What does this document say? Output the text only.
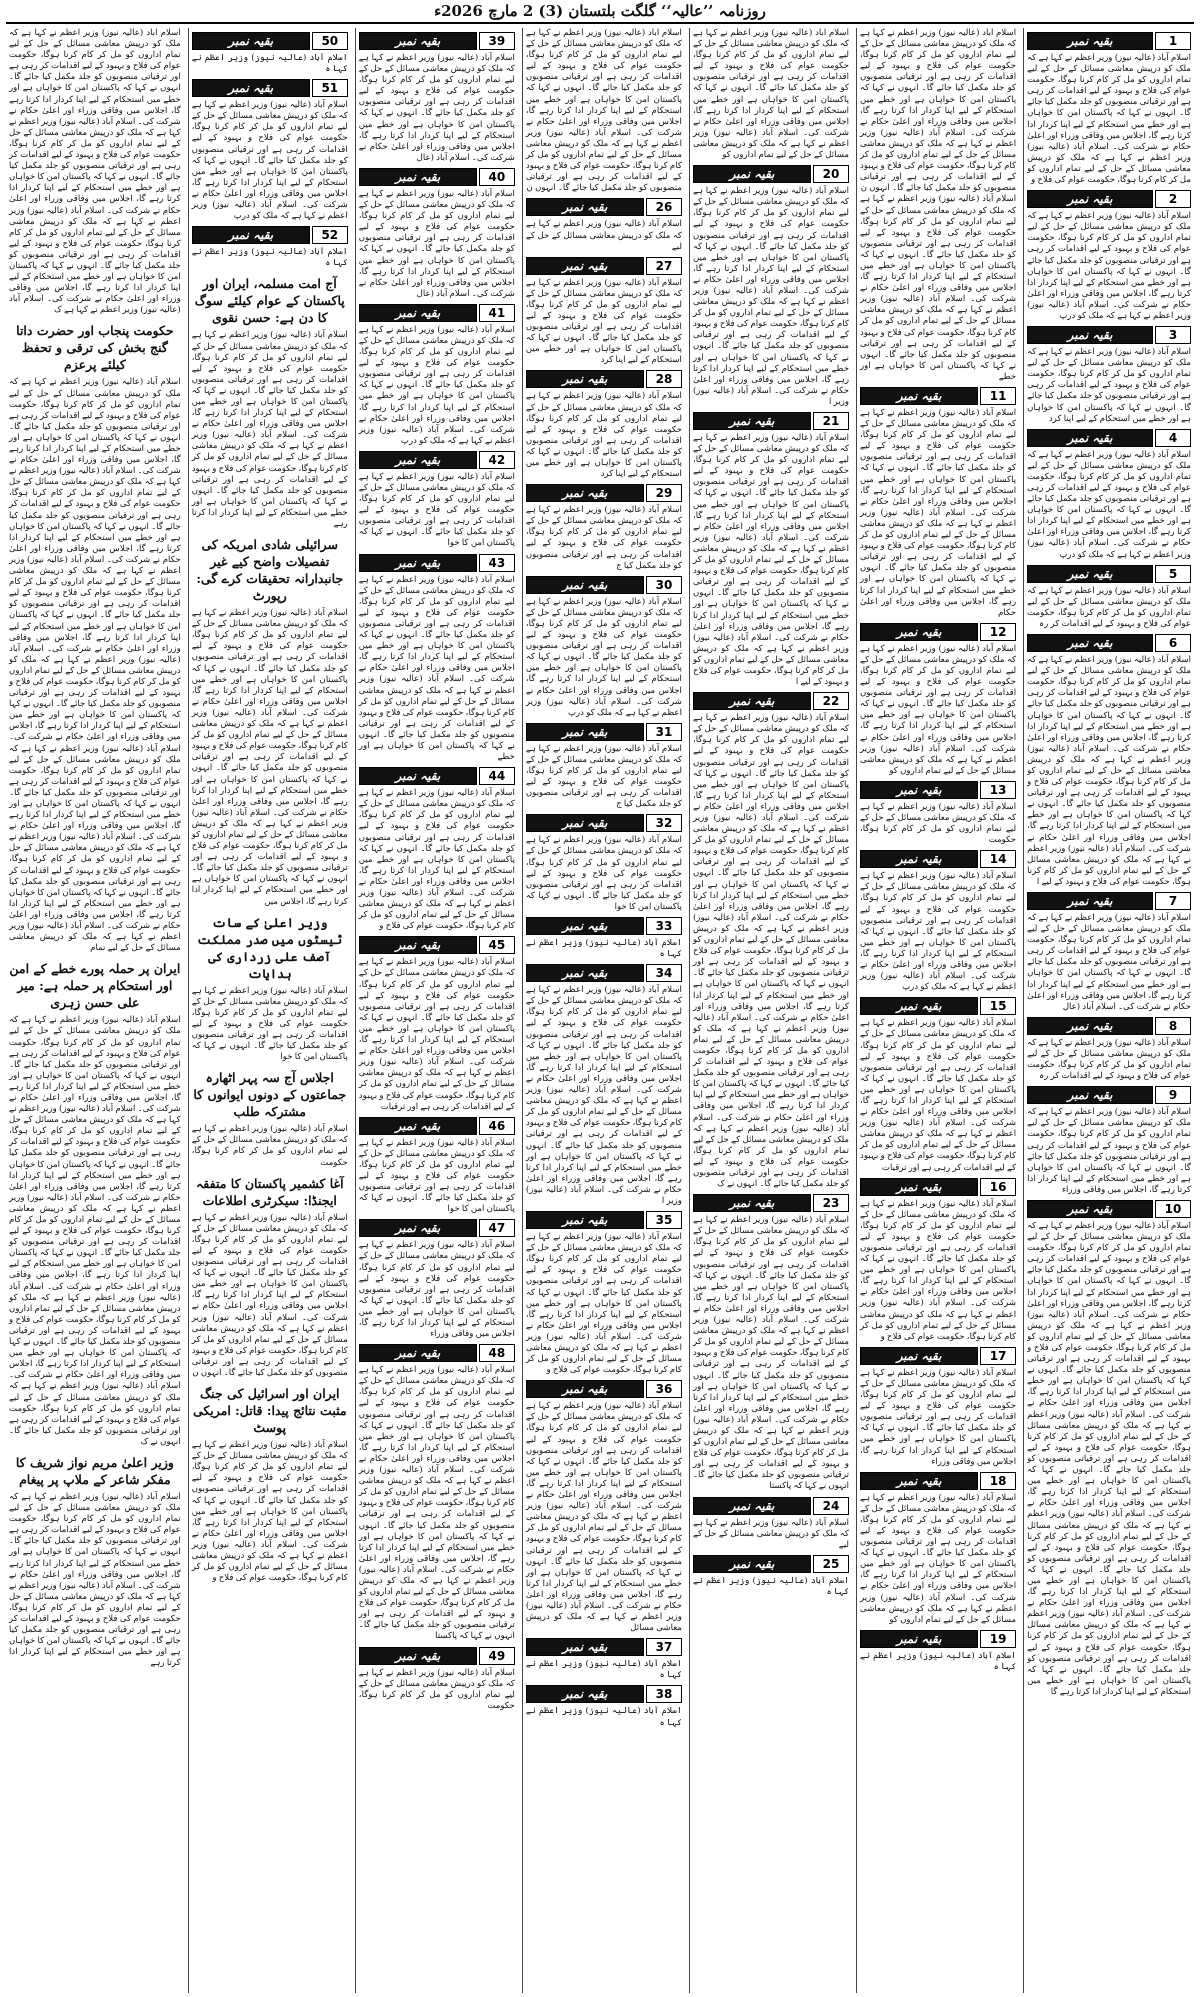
روزنامہ ’’عالیہ‘‘ گلگت بلتستان (3) 2 مارچ 2026ء
بقیہ نمبر	1
اسلام آباد (عالیہ نیوز) وزیر اعظم نے کہا ہے کہ ملک کو درپیش معاشی مسائل کے حل کے لیے تمام اداروں کو مل کر کام کرنا ہوگا، حکومت عوام کی فلاح و بہبود کے لیے اقدامات کر رہی ہے اور ترقیاتی منصوبوں کو جلد مکمل کیا جائے گا۔ انہوں نے کہا کہ پاکستان امن کا خواہاں ہے اور خطے میں استحکام کے لیے اپنا کردار ادا کرتا رہے گا، اجلاس میں وفاقی وزراء اور اعلیٰ حکام نے شرکت کی۔ اسلام آباد (عالیہ نیوز) وزیر اعظم نے کہا ہے کہ ملک کو درپیش معاشی مسائل کے حل کے لیے تمام اداروں کو مل کر کام کرنا ہوگا، حکومت عوام کی فلاح و
بقیہ نمبر	2
اسلام آباد (عالیہ نیوز) وزیر اعظم نے کہا ہے کہ ملک کو درپیش معاشی مسائل کے حل کے لیے تمام اداروں کو مل کر کام کرنا ہوگا، حکومت عوام کی فلاح و بہبود کے لیے اقدامات کر رہی ہے اور ترقیاتی منصوبوں کو جلد مکمل کیا جائے گا۔ انہوں نے کہا کہ پاکستان امن کا خواہاں ہے اور خطے میں استحکام کے لیے اپنا کردار ادا کرتا رہے گا، اجلاس میں وفاقی وزراء اور اعلیٰ حکام نے شرکت کی۔ اسلام آباد (عالیہ نیوز) وزیر اعظم نے کہا ہے کہ ملک کو درپ
بقیہ نمبر	3
اسلام آباد (عالیہ نیوز) وزیر اعظم نے کہا ہے کہ ملک کو درپیش معاشی مسائل کے حل کے لیے تمام اداروں کو مل کر کام کرنا ہوگا، حکومت عوام کی فلاح و بہبود کے لیے اقدامات کر رہی ہے اور ترقیاتی منصوبوں کو جلد مکمل کیا جائے گا۔ انہوں نے کہا کہ پاکستان امن کا خواہاں ہے اور خطے میں استحکام کے لیے اپنا کرد
بقیہ نمبر	4
اسلام آباد (عالیہ نیوز) وزیر اعظم نے کہا ہے کہ ملک کو درپیش معاشی مسائل کے حل کے لیے تمام اداروں کو مل کر کام کرنا ہوگا، حکومت عوام کی فلاح و بہبود کے لیے اقدامات کر رہی ہے اور ترقیاتی منصوبوں کو جلد مکمل کیا جائے گا۔ انہوں نے کہا کہ پاکستان امن کا خواہاں ہے اور خطے میں استحکام کے لیے اپنا کردار ادا کرتا رہے گا، اجلاس میں وفاقی وزراء اور اعلیٰ حکام نے شرکت کی۔ اسلام آباد (عالیہ نیوز) وزیر اعظم نے کہا ہے کہ ملک کو درپ
بقیہ نمبر	5
اسلام آباد (عالیہ نیوز) وزیر اعظم نے کہا ہے کہ ملک کو درپیش معاشی مسائل کے حل کے لیے تمام اداروں کو مل کر کام کرنا ہوگا، حکومت عوام کی فلاح و بہبود کے لیے اقدامات کر رہ
بقیہ نمبر	6
اسلام آباد (عالیہ نیوز) وزیر اعظم نے کہا ہے کہ ملک کو درپیش معاشی مسائل کے حل کے لیے تمام اداروں کو مل کر کام کرنا ہوگا، حکومت عوام کی فلاح و بہبود کے لیے اقدامات کر رہی ہے اور ترقیاتی منصوبوں کو جلد مکمل کیا جائے گا۔ انہوں نے کہا کہ پاکستان امن کا خواہاں ہے اور خطے میں استحکام کے لیے اپنا کردار ادا کرتا رہے گا، اجلاس میں وفاقی وزراء اور اعلیٰ حکام نے شرکت کی۔ اسلام آباد (عالیہ نیوز) وزیر اعظم نے کہا ہے کہ ملک کو درپیش معاشی مسائل کے حل کے لیے تمام اداروں کو مل کر کام کرنا ہوگا، حکومت عوام کی فلاح و بہبود کے لیے اقدامات کر رہی ہے اور ترقیاتی منصوبوں کو جلد مکمل کیا جائے گا۔ انہوں نے کہا کہ پاکستان امن کا خواہاں ہے اور خطے میں استحکام کے لیے اپنا کردار ادا کرتا رہے گا، اجلاس میں وفاقی وزراء اور اعلیٰ حکام نے شرکت کی۔ اسلام آباد (عالیہ نیوز) وزیر اعظم نے کہا ہے کہ ملک کو درپیش معاشی مسائل کے حل کے لیے تمام اداروں کو مل کر کام کرنا ہوگا، حکومت عوام کی فلاح و بہبود کے لیے ا
بقیہ نمبر	7
اسلام آباد (عالیہ نیوز) وزیر اعظم نے کہا ہے کہ ملک کو درپیش معاشی مسائل کے حل کے لیے تمام اداروں کو مل کر کام کرنا ہوگا، حکومت عوام کی فلاح و بہبود کے لیے اقدامات کر رہی ہے اور ترقیاتی منصوبوں کو جلد مکمل کیا جائے گا۔ انہوں نے کہا کہ پاکستان امن کا خواہاں ہے اور خطے میں استحکام کے لیے اپنا کردار ادا کرتا رہے گا، اجلاس میں وفاقی وزراء اور اعلیٰ حکام نے شرکت کی۔ اسلام آباد (عال
بقیہ نمبر	8
اسلام آباد (عالیہ نیوز) وزیر اعظم نے کہا ہے کہ ملک کو درپیش معاشی مسائل کے حل کے لیے تمام اداروں کو مل کر کام کرنا ہوگا، حکومت عوام کی فلاح و بہبود کے لیے اقدامات کر رہ
بقیہ نمبر	9
اسلام آباد (عالیہ نیوز) وزیر اعظم نے کہا ہے کہ ملک کو درپیش معاشی مسائل کے حل کے لیے تمام اداروں کو مل کر کام کرنا ہوگا، حکومت عوام کی فلاح و بہبود کے لیے اقدامات کر رہی ہے اور ترقیاتی منصوبوں کو جلد مکمل کیا جائے گا۔ انہوں نے کہا کہ پاکستان امن کا خواہاں ہے اور خطے میں استحکام کے لیے اپنا کردار ادا کرتا رہے گا، اجلاس میں وفاقی وزراء
بقیہ نمبر	10
اسلام آباد (عالیہ نیوز) وزیر اعظم نے کہا ہے کہ ملک کو درپیش معاشی مسائل کے حل کے لیے تمام اداروں کو مل کر کام کرنا ہوگا، حکومت عوام کی فلاح و بہبود کے لیے اقدامات کر رہی ہے اور ترقیاتی منصوبوں کو جلد مکمل کیا جائے گا۔ انہوں نے کہا کہ پاکستان امن کا خواہاں ہے اور خطے میں استحکام کے لیے اپنا کردار ادا کرتا رہے گا، اجلاس میں وفاقی وزراء اور اعلیٰ حکام نے شرکت کی۔ اسلام آباد (عالیہ نیوز) وزیر اعظم نے کہا ہے کہ ملک کو درپیش معاشی مسائل کے حل کے لیے تمام اداروں کو مل کر کام کرنا ہوگا، حکومت عوام کی فلاح و بہبود کے لیے اقدامات کر رہی ہے اور ترقیاتی منصوبوں کو جلد مکمل کیا جائے گا۔ انہوں نے کہا کہ پاکستان امن کا خواہاں ہے اور خطے میں استحکام کے لیے اپنا کردار ادا کرتا رہے گا، اجلاس میں وفاقی وزراء اور اعلیٰ حکام نے شرکت کی۔ اسلام آباد (عالیہ نیوز) وزیر اعظم نے کہا ہے کہ ملک کو درپیش معاشی مسائل کے حل کے لیے تمام اداروں کو مل کر کام کرنا ہوگا، حکومت عوام کی فلاح و بہبود کے لیے اقدامات کر رہی ہے اور ترقیاتی منصوبوں کو جلد مکمل کیا جائے گا۔ انہوں نے کہا کہ پاکستان امن کا خواہاں ہے اور خطے میں استحکام کے لیے اپنا کردار ادا کرتا رہے گا، اجلاس میں وفاقی وزراء اور اعلیٰ حکام نے شرکت کی۔ اسلام آباد (عالیہ نیوز) وزیر اعظم نے کہا ہے کہ ملک کو درپیش معاشی مسائل کے حل کے لیے تمام اداروں کو مل کر کام کرنا ہوگا، حکومت عوام کی فلاح و بہبود کے لیے اقدامات کر رہی ہے اور ترقیاتی منصوبوں کو جلد مکمل کیا جائے گا۔ انہوں نے کہا کہ پاکستان امن کا خواہاں ہے اور خطے میں استحکام کے لیے اپنا کردار ادا کرتا رہے گا، اجلاس میں وفاقی وزراء اور اعلیٰ حکام نے شرکت کی۔ اسلام آباد (عالیہ نیوز) وزیر اعظم نے کہا ہے کہ ملک کو درپیش معاشی مسائل کے حل کے لیے تمام اداروں کو مل کر کام کرنا ہوگا، حکومت عوام کی فلاح و بہبود کے لیے اقدامات کر رہی ہے اور ترقیاتی منصوبوں کو جلد مکمل کیا جائے گا۔ انہوں نے کہا کہ پاکستان امن کا خواہاں ہے اور خطے میں استحکام کے لیے اپنا کردار ادا کرتا رہے گا
اسلام آباد (عالیہ نیوز) وزیر اعظم نے کہا ہے کہ ملک کو درپیش معاشی مسائل کے حل کے لیے تمام اداروں کو مل کر کام کرنا ہوگا، حکومت عوام کی فلاح و بہبود کے لیے اقدامات کر رہی ہے اور ترقیاتی منصوبوں کو جلد مکمل کیا جائے گا۔ انہوں نے کہا کہ پاکستان امن کا خواہاں ہے اور خطے میں استحکام کے لیے اپنا کردار ادا کرتا رہے گا، اجلاس میں وفاقی وزراء اور اعلیٰ حکام نے شرکت کی۔ اسلام آباد (عالیہ نیوز) وزیر اعظم نے کہا ہے کہ ملک کو درپیش معاشی مسائل کے حل کے لیے تمام اداروں کو مل کر کام کرنا ہوگا، حکومت عوام کی فلاح و بہبود کے لیے اقدامات کر رہی ہے اور ترقیاتی منصوبوں کو جلد مکمل کیا جائے گا۔ انہوں ن
اسلام آباد (عالیہ نیوز) وزیر اعظم نے کہا ہے کہ ملک کو درپیش معاشی مسائل کے حل کے لیے تمام اداروں کو مل کر کام کرنا ہوگا، حکومت عوام کی فلاح و بہبود کے لیے اقدامات کر رہی ہے اور ترقیاتی منصوبوں کو جلد مکمل کیا جائے گا۔ انہوں نے کہا کہ پاکستان امن کا خواہاں ہے اور خطے میں استحکام کے لیے اپنا کردار ادا کرتا رہے گا، اجلاس میں وفاقی وزراء اور اعلیٰ حکام نے شرکت کی۔ اسلام آباد (عالیہ نیوز) وزیر اعظم نے کہا ہے کہ ملک کو درپیش معاشی مسائل کے حل کے لیے تمام اداروں کو مل کر کام کرنا ہوگا، حکومت عوام کی فلاح و بہبود کے لیے اقدامات کر رہی ہے اور ترقیاتی منصوبوں کو جلد مکمل کیا جائے گا۔ انہوں نے کہا کہ پاکستان امن کا خواہاں ہے اور خطے
بقیہ نمبر	11
اسلام آباد (عالیہ نیوز) وزیر اعظم نے کہا ہے کہ ملک کو درپیش معاشی مسائل کے حل کے لیے تمام اداروں کو مل کر کام کرنا ہوگا، حکومت عوام کی فلاح و بہبود کے لیے اقدامات کر رہی ہے اور ترقیاتی منصوبوں کو جلد مکمل کیا جائے گا۔ انہوں نے کہا کہ پاکستان امن کا خواہاں ہے اور خطے میں استحکام کے لیے اپنا کردار ادا کرتا رہے گا، اجلاس میں وفاقی وزراء اور اعلیٰ حکام نے شرکت کی۔ اسلام آباد (عالیہ نیوز) وزیر اعظم نے کہا ہے کہ ملک کو درپیش معاشی مسائل کے حل کے لیے تمام اداروں کو مل کر کام کرنا ہوگا، حکومت عوام کی فلاح و بہبود کے لیے اقدامات کر رہی ہے اور ترقیاتی منصوبوں کو جلد مکمل کیا جائے گا۔ انہوں نے کہا کہ پاکستان امن کا خواہاں ہے اور خطے میں استحکام کے لیے اپنا کردار ادا کرتا رہے گا، اجلاس میں وفاقی وزراء اور اعلیٰ حکام
بقیہ نمبر	12
اسلام آباد (عالیہ نیوز) وزیر اعظم نے کہا ہے کہ ملک کو درپیش معاشی مسائل کے حل کے لیے تمام اداروں کو مل کر کام کرنا ہوگا، حکومت عوام کی فلاح و بہبود کے لیے اقدامات کر رہی ہے اور ترقیاتی منصوبوں کو جلد مکمل کیا جائے گا۔ انہوں نے کہا کہ پاکستان امن کا خواہاں ہے اور خطے میں استحکام کے لیے اپنا کردار ادا کرتا رہے گا، اجلاس میں وفاقی وزراء اور اعلیٰ حکام نے شرکت کی۔ اسلام آباد (عالیہ نیوز) وزیر اعظم نے کہا ہے کہ ملک کو درپیش معاشی مسائل کے حل کے لیے تمام اداروں کو
بقیہ نمبر	13
اسلام آباد (عالیہ نیوز) وزیر اعظم نے کہا ہے کہ ملک کو درپیش معاشی مسائل کے حل کے لیے تمام اداروں کو مل کر کام کرنا ہوگا، حکومت
بقیہ نمبر	14
اسلام آباد (عالیہ نیوز) وزیر اعظم نے کہا ہے کہ ملک کو درپیش معاشی مسائل کے حل کے لیے تمام اداروں کو مل کر کام کرنا ہوگا، حکومت عوام کی فلاح و بہبود کے لیے اقدامات کر رہی ہے اور ترقیاتی منصوبوں کو جلد مکمل کیا جائے گا۔ انہوں نے کہا کہ پاکستان امن کا خواہاں ہے اور خطے میں استحکام کے لیے اپنا کردار ادا کرتا رہے گا، اجلاس میں وفاقی وزراء اور اعلیٰ حکام نے شرکت کی۔ اسلام آباد (عالیہ نیوز) وزیر اعظم نے کہا ہے کہ ملک کو درپ
بقیہ نمبر	15
اسلام آباد (عالیہ نیوز) وزیر اعظم نے کہا ہے کہ ملک کو درپیش معاشی مسائل کے حل کے لیے تمام اداروں کو مل کر کام کرنا ہوگا، حکومت عوام کی فلاح و بہبود کے لیے اقدامات کر رہی ہے اور ترقیاتی منصوبوں کو جلد مکمل کیا جائے گا۔ انہوں نے کہا کہ پاکستان امن کا خواہاں ہے اور خطے میں استحکام کے لیے اپنا کردار ادا کرتا رہے گا، اجلاس میں وفاقی وزراء اور اعلیٰ حکام نے شرکت کی۔ اسلام آباد (عالیہ نیوز) وزیر اعظم نے کہا ہے کہ ملک کو درپیش معاشی مسائل کے حل کے لیے تمام اداروں کو مل کر کام کرنا ہوگا، حکومت عوام کی فلاح و بہبود کے لیے اقدامات کر رہی ہے اور ترقیات
بقیہ نمبر	16
اسلام آباد (عالیہ نیوز) وزیر اعظم نے کہا ہے کہ ملک کو درپیش معاشی مسائل کے حل کے لیے تمام اداروں کو مل کر کام کرنا ہوگا، حکومت عوام کی فلاح و بہبود کے لیے اقدامات کر رہی ہے اور ترقیاتی منصوبوں کو جلد مکمل کیا جائے گا۔ انہوں نے کہا کہ پاکستان امن کا خواہاں ہے اور خطے میں استحکام کے لیے اپنا کردار ادا کرتا رہے گا، اجلاس میں وفاقی وزراء اور اعلیٰ حکام نے شرکت کی۔ اسلام آباد (عالیہ نیوز) وزیر اعظم نے کہا ہے کہ ملک کو درپیش معاشی مسائل کے حل کے لیے تمام اداروں کو مل کر کام کرنا ہوگا، حکومت عوام کی فلاح و
بقیہ نمبر	17
اسلام آباد (عالیہ نیوز) وزیر اعظم نے کہا ہے کہ ملک کو درپیش معاشی مسائل کے حل کے لیے تمام اداروں کو مل کر کام کرنا ہوگا، حکومت عوام کی فلاح و بہبود کے لیے اقدامات کر رہی ہے اور ترقیاتی منصوبوں کو جلد مکمل کیا جائے گا۔ انہوں نے کہا کہ پاکستان امن کا خواہاں ہے اور خطے میں استحکام کے لیے اپنا کردار ادا کرتا رہے گا، اجلاس میں وفاقی وزراء
بقیہ نمبر	18
اسلام آباد (عالیہ نیوز) وزیر اعظم نے کہا ہے کہ ملک کو درپیش معاشی مسائل کے حل کے لیے تمام اداروں کو مل کر کام کرنا ہوگا، حکومت عوام کی فلاح و بہبود کے لیے اقدامات کر رہی ہے اور ترقیاتی منصوبوں کو جلد مکمل کیا جائے گا۔ انہوں نے کہا کہ پاکستان امن کا خواہاں ہے اور خطے میں استحکام کے لیے اپنا کردار ادا کرتا رہے گا، اجلاس میں وفاقی وزراء اور اعلیٰ حکام نے شرکت کی۔ اسلام آباد (عالیہ نیوز) وزیر اعظم نے کہا ہے کہ ملک کو درپیش معاشی مسائل کے حل کے لیے تمام اداروں کو
بقیہ نمبر	19
اسلام آباد (عالیہ نیوز) وزیر اعظم نے کہا ہ
اسلام آباد (عالیہ نیوز) وزیر اعظم نے کہا ہے کہ ملک کو درپیش معاشی مسائل کے حل کے لیے تمام اداروں کو مل کر کام کرنا ہوگا، حکومت عوام کی فلاح و بہبود کے لیے اقدامات کر رہی ہے اور ترقیاتی منصوبوں کو جلد مکمل کیا جائے گا۔ انہوں نے کہا کہ پاکستان امن کا خواہاں ہے اور خطے میں استحکام کے لیے اپنا کردار ادا کرتا رہے گا، اجلاس میں وفاقی وزراء اور اعلیٰ حکام نے شرکت کی۔ اسلام آباد (عالیہ نیوز) وزیر اعظم نے کہا ہے کہ ملک کو درپیش معاشی مسائل کے حل کے لیے تمام اداروں کو
بقیہ نمبر	20
اسلام آباد (عالیہ نیوز) وزیر اعظم نے کہا ہے کہ ملک کو درپیش معاشی مسائل کے حل کے لیے تمام اداروں کو مل کر کام کرنا ہوگا، حکومت عوام کی فلاح و بہبود کے لیے اقدامات کر رہی ہے اور ترقیاتی منصوبوں کو جلد مکمل کیا جائے گا۔ انہوں نے کہا کہ پاکستان امن کا خواہاں ہے اور خطے میں استحکام کے لیے اپنا کردار ادا کرتا رہے گا، اجلاس میں وفاقی وزراء اور اعلیٰ حکام نے شرکت کی۔ اسلام آباد (عالیہ نیوز) وزیر اعظم نے کہا ہے کہ ملک کو درپیش معاشی مسائل کے حل کے لیے تمام اداروں کو مل کر کام کرنا ہوگا، حکومت عوام کی فلاح و بہبود کے لیے اقدامات کر رہی ہے اور ترقیاتی منصوبوں کو جلد مکمل کیا جائے گا۔ انہوں نے کہا کہ پاکستان امن کا خواہاں ہے اور خطے میں استحکام کے لیے اپنا کردار ادا کرتا رہے گا، اجلاس میں وفاقی وزراء اور اعلیٰ حکام نے شرکت کی۔ اسلام آباد (عالیہ نیوز) وزیر ا
بقیہ نمبر	21
اسلام آباد (عالیہ نیوز) وزیر اعظم نے کہا ہے کہ ملک کو درپیش معاشی مسائل کے حل کے لیے تمام اداروں کو مل کر کام کرنا ہوگا، حکومت عوام کی فلاح و بہبود کے لیے اقدامات کر رہی ہے اور ترقیاتی منصوبوں کو جلد مکمل کیا جائے گا۔ انہوں نے کہا کہ پاکستان امن کا خواہاں ہے اور خطے میں استحکام کے لیے اپنا کردار ادا کرتا رہے گا، اجلاس میں وفاقی وزراء اور اعلیٰ حکام نے شرکت کی۔ اسلام آباد (عالیہ نیوز) وزیر اعظم نے کہا ہے کہ ملک کو درپیش معاشی مسائل کے حل کے لیے تمام اداروں کو مل کر کام کرنا ہوگا، حکومت عوام کی فلاح و بہبود کے لیے اقدامات کر رہی ہے اور ترقیاتی منصوبوں کو جلد مکمل کیا جائے گا۔ انہوں نے کہا کہ پاکستان امن کا خواہاں ہے اور خطے میں استحکام کے لیے اپنا کردار ادا کرتا رہے گا، اجلاس میں وفاقی وزراء اور اعلیٰ حکام نے شرکت کی۔ اسلام آباد (عالیہ نیوز) وزیر اعظم نے کہا ہے کہ ملک کو درپیش معاشی مسائل کے حل کے لیے تمام اداروں کو مل کر کام کرنا ہوگا، حکومت عوام کی فلاح و بہبود کے لیے ا
بقیہ نمبر	22
اسلام آباد (عالیہ نیوز) وزیر اعظم نے کہا ہے کہ ملک کو درپیش معاشی مسائل کے حل کے لیے تمام اداروں کو مل کر کام کرنا ہوگا، حکومت عوام کی فلاح و بہبود کے لیے اقدامات کر رہی ہے اور ترقیاتی منصوبوں کو جلد مکمل کیا جائے گا۔ انہوں نے کہا کہ پاکستان امن کا خواہاں ہے اور خطے میں استحکام کے لیے اپنا کردار ادا کرتا رہے گا، اجلاس میں وفاقی وزراء اور اعلیٰ حکام نے شرکت کی۔ اسلام آباد (عالیہ نیوز) وزیر اعظم نے کہا ہے کہ ملک کو درپیش معاشی مسائل کے حل کے لیے تمام اداروں کو مل کر کام کرنا ہوگا، حکومت عوام کی فلاح و بہبود کے لیے اقدامات کر رہی ہے اور ترقیاتی منصوبوں کو جلد مکمل کیا جائے گا۔ انہوں نے کہا کہ پاکستان امن کا خواہاں ہے اور خطے میں استحکام کے لیے اپنا کردار ادا کرتا رہے گا، اجلاس میں وفاقی وزراء اور اعلیٰ حکام نے شرکت کی۔ اسلام آباد (عالیہ نیوز) وزیر اعظم نے کہا ہے کہ ملک کو درپیش معاشی مسائل کے حل کے لیے تمام اداروں کو مل کر کام کرنا ہوگا، حکومت عوام کی فلاح و بہبود کے لیے اقدامات کر رہی ہے اور ترقیاتی منصوبوں کو جلد مکمل کیا جائے گا۔ انہوں نے کہا کہ پاکستان امن کا خواہاں ہے اور خطے میں استحکام کے لیے اپنا کردار ادا کرتا رہے گا، اجلاس میں وفاقی وزراء اور اعلیٰ حکام نے شرکت کی۔ اسلام آباد (عالیہ نیوز) وزیر اعظم نے کہا ہے کہ ملک کو درپیش معاشی مسائل کے حل کے لیے تمام اداروں کو مل کر کام کرنا ہوگا، حکومت عوام کی فلاح و بہبود کے لیے اقدامات کر رہی ہے اور ترقیاتی منصوبوں کو جلد مکمل کیا جائے گا۔ انہوں نے کہا کہ پاکستان امن کا خواہاں ہے اور خطے میں استحکام کے لیے اپنا کردار ادا کرتا رہے گا، اجلاس میں وفاقی وزراء اور اعلیٰ حکام نے شرکت کی۔ اسلام آباد (عالیہ نیوز) وزیر اعظم نے کہا ہے کہ ملک کو درپیش معاشی مسائل کے حل کے لیے تمام اداروں کو مل کر کام کرنا ہوگا، حکومت عوام کی فلاح و بہبود کے لیے اقدامات کر رہی ہے اور ترقیاتی منصوبوں کو جلد مکمل کیا جائے گا۔ انہوں نے ک
بقیہ نمبر	23
اسلام آباد (عالیہ نیوز) وزیر اعظم نے کہا ہے کہ ملک کو درپیش معاشی مسائل کے حل کے لیے تمام اداروں کو مل کر کام کرنا ہوگا، حکومت عوام کی فلاح و بہبود کے لیے اقدامات کر رہی ہے اور ترقیاتی منصوبوں کو جلد مکمل کیا جائے گا۔ انہوں نے کہا کہ پاکستان امن کا خواہاں ہے اور خطے میں استحکام کے لیے اپنا کردار ادا کرتا رہے گا، اجلاس میں وفاقی وزراء اور اعلیٰ حکام نے شرکت کی۔ اسلام آباد (عالیہ نیوز) وزیر اعظم نے کہا ہے کہ ملک کو درپیش معاشی مسائل کے حل کے لیے تمام اداروں کو مل کر کام کرنا ہوگا، حکومت عوام کی فلاح و بہبود کے لیے اقدامات کر رہی ہے اور ترقیاتی منصوبوں کو جلد مکمل کیا جائے گا۔ انہوں نے کہا کہ پاکستان امن کا خواہاں ہے اور خطے میں استحکام کے لیے اپنا کردار ادا کرتا رہے گا، اجلاس میں وفاقی وزراء اور اعلیٰ حکام نے شرکت کی۔ اسلام آباد (عالیہ نیوز) وزیر اعظم نے کہا ہے کہ ملک کو درپیش معاشی مسائل کے حل کے لیے تمام اداروں کو مل کر کام کرنا ہوگا، حکومت عوام کی فلاح و بہبود کے لیے اقدامات کر رہی ہے اور ترقیاتی منصوبوں کو جلد مکمل کیا جائے گا۔ انہوں نے کہا کہ پاکستا
بقیہ نمبر	24
اسلام آباد (عالیہ نیوز) وزیر اعظم نے کہا ہے کہ ملک کو درپیش معاشی مسائل کے حل کے لیے
بقیہ نمبر	25
اسلام آباد (عالیہ نیوز) وزیر اعظم نے کہا ہ
اسلام آباد (عالیہ نیوز) وزیر اعظم نے کہا ہے کہ ملک کو درپیش معاشی مسائل کے حل کے لیے تمام اداروں کو مل کر کام کرنا ہوگا، حکومت عوام کی فلاح و بہبود کے لیے اقدامات کر رہی ہے اور ترقیاتی منصوبوں کو جلد مکمل کیا جائے گا۔ انہوں نے کہا کہ پاکستان امن کا خواہاں ہے اور خطے میں استحکام کے لیے اپنا کردار ادا کرتا رہے گا، اجلاس میں وفاقی وزراء اور اعلیٰ حکام نے شرکت کی۔ اسلام آباد (عالیہ نیوز) وزیر اعظم نے کہا ہے کہ ملک کو درپیش معاشی مسائل کے حل کے لیے تمام اداروں کو مل کر کام کرنا ہوگا، حکومت عوام کی فلاح و بہبود کے لیے اقدامات کر رہی ہے اور ترقیاتی منصوبوں کو جلد مکمل کیا جائے گا۔ انہوں ن
بقیہ نمبر	26
اسلام آباد (عالیہ نیوز) وزیر اعظم نے کہا ہے کہ ملک کو درپیش معاشی مسائل کے حل کے لیے
بقیہ نمبر	27
اسلام آباد (عالیہ نیوز) وزیر اعظم نے کہا ہے کہ ملک کو درپیش معاشی مسائل کے حل کے لیے تمام اداروں کو مل کر کام کرنا ہوگا، حکومت عوام کی فلاح و بہبود کے لیے اقدامات کر رہی ہے اور ترقیاتی منصوبوں کو جلد مکمل کیا جائے گا۔ انہوں نے کہا کہ پاکستان امن کا خواہاں ہے اور خطے میں استحکام کے لیے اپنا کرد
بقیہ نمبر	28
اسلام آباد (عالیہ نیوز) وزیر اعظم نے کہا ہے کہ ملک کو درپیش معاشی مسائل کے حل کے لیے تمام اداروں کو مل کر کام کرنا ہوگا، حکومت عوام کی فلاح و بہبود کے لیے اقدامات کر رہی ہے اور ترقیاتی منصوبوں کو جلد مکمل کیا جائے گا۔ انہوں نے کہا کہ پاکستان امن کا خواہاں ہے اور خطے میں استحکام کے لیے اپنا کرد
بقیہ نمبر	29
اسلام آباد (عالیہ نیوز) وزیر اعظم نے کہا ہے کہ ملک کو درپیش معاشی مسائل کے حل کے لیے تمام اداروں کو مل کر کام کرنا ہوگا، حکومت عوام کی فلاح و بہبود کے لیے اقدامات کر رہی ہے اور ترقیاتی منصوبوں کو جلد مکمل کیا ج
بقیہ نمبر	30
اسلام آباد (عالیہ نیوز) وزیر اعظم نے کہا ہے کہ ملک کو درپیش معاشی مسائل کے حل کے لیے تمام اداروں کو مل کر کام کرنا ہوگا، حکومت عوام کی فلاح و بہبود کے لیے اقدامات کر رہی ہے اور ترقیاتی منصوبوں کو جلد مکمل کیا جائے گا۔ انہوں نے کہا کہ پاکستان امن کا خواہاں ہے اور خطے میں استحکام کے لیے اپنا کردار ادا کرتا رہے گا، اجلاس میں وفاقی وزراء اور اعلیٰ حکام نے شرکت کی۔ اسلام آباد (عالیہ نیوز) وزیر اعظم نے کہا ہے کہ ملک کو درپ
بقیہ نمبر	31
اسلام آباد (عالیہ نیوز) وزیر اعظم نے کہا ہے کہ ملک کو درپیش معاشی مسائل کے حل کے لیے تمام اداروں کو مل کر کام کرنا ہوگا، حکومت عوام کی فلاح و بہبود کے لیے اقدامات کر رہی ہے اور ترقیاتی منصوبوں کو جلد مکمل کیا ج
بقیہ نمبر	32
اسلام آباد (عالیہ نیوز) وزیر اعظم نے کہا ہے کہ ملک کو درپیش معاشی مسائل کے حل کے لیے تمام اداروں کو مل کر کام کرنا ہوگا، حکومت عوام کی فلاح و بہبود کے لیے اقدامات کر رہی ہے اور ترقیاتی منصوبوں کو جلد مکمل کیا جائے گا۔ انہوں نے کہا کہ پاکستان امن کا خوا
بقیہ نمبر	33
اسلام آباد (عالیہ نیوز) وزیر اعظم نے کہا ہ
بقیہ نمبر	34
اسلام آباد (عالیہ نیوز) وزیر اعظم نے کہا ہے کہ ملک کو درپیش معاشی مسائل کے حل کے لیے تمام اداروں کو مل کر کام کرنا ہوگا، حکومت عوام کی فلاح و بہبود کے لیے اقدامات کر رہی ہے اور ترقیاتی منصوبوں کو جلد مکمل کیا جائے گا۔ انہوں نے کہا کہ پاکستان امن کا خواہاں ہے اور خطے میں استحکام کے لیے اپنا کردار ادا کرتا رہے گا، اجلاس میں وفاقی وزراء اور اعلیٰ حکام نے شرکت کی۔ اسلام آباد (عالیہ نیوز) وزیر اعظم نے کہا ہے کہ ملک کو درپیش معاشی مسائل کے حل کے لیے تمام اداروں کو مل کر کام کرنا ہوگا، حکومت عوام کی فلاح و بہبود کے لیے اقدامات کر رہی ہے اور ترقیاتی منصوبوں کو جلد مکمل کیا جائے گا۔ انہوں نے کہا کہ پاکستان امن کا خواہاں ہے اور خطے میں استحکام کے لیے اپنا کردار ادا کرتا رہے گا، اجلاس میں وفاقی وزراء اور اعلیٰ حکام نے شرکت کی۔ اسلام آباد (عالیہ نیوز) وزیر ا
بقیہ نمبر	35
اسلام آباد (عالیہ نیوز) وزیر اعظم نے کہا ہے کہ ملک کو درپیش معاشی مسائل کے حل کے لیے تمام اداروں کو مل کر کام کرنا ہوگا، حکومت عوام کی فلاح و بہبود کے لیے اقدامات کر رہی ہے اور ترقیاتی منصوبوں کو جلد مکمل کیا جائے گا۔ انہوں نے کہا کہ پاکستان امن کا خواہاں ہے اور خطے میں استحکام کے لیے اپنا کردار ادا کرتا رہے گا، اجلاس میں وفاقی وزراء اور اعلیٰ حکام نے شرکت کی۔ اسلام آباد (عالیہ نیوز) وزیر اعظم نے کہا ہے کہ ملک کو درپیش معاشی مسائل کے حل کے لیے تمام اداروں کو مل کر کام کرنا ہوگا، حکومت عوام کی فلاح و
بقیہ نمبر	36
اسلام آباد (عالیہ نیوز) وزیر اعظم نے کہا ہے کہ ملک کو درپیش معاشی مسائل کے حل کے لیے تمام اداروں کو مل کر کام کرنا ہوگا، حکومت عوام کی فلاح و بہبود کے لیے اقدامات کر رہی ہے اور ترقیاتی منصوبوں کو جلد مکمل کیا جائے گا۔ انہوں نے کہا کہ پاکستان امن کا خواہاں ہے اور خطے میں استحکام کے لیے اپنا کردار ادا کرتا رہے گا، اجلاس میں وفاقی وزراء اور اعلیٰ حکام نے شرکت کی۔ اسلام آباد (عالیہ نیوز) وزیر اعظم نے کہا ہے کہ ملک کو درپیش معاشی مسائل کے حل کے لیے تمام اداروں کو مل کر کام کرنا ہوگا، حکومت عوام کی فلاح و بہبود کے لیے اقدامات کر رہی ہے اور ترقیاتی منصوبوں کو جلد مکمل کیا جائے گا۔ انہوں نے کہا کہ پاکستان امن کا خواہاں ہے اور خطے میں استحکام کے لیے اپنا کردار ادا کرتا رہے گا، اجلاس میں وفاقی وزراء اور اعلیٰ حکام نے شرکت کی۔ اسلام آباد (عالیہ نیوز) وزیر اعظم نے کہا ہے کہ ملک کو درپیش معاشی مسائل
بقیہ نمبر	37
اسلام آباد (عالیہ نیوز) وزیر اعظم نے کہا ہ
بقیہ نمبر	38
اسلام آباد (عالیہ نیوز) وزیر اعظم نے کہا ہ
بقیہ نمبر	39
اسلام آباد (عالیہ نیوز) وزیر اعظم نے کہا ہے کہ ملک کو درپیش معاشی مسائل کے حل کے لیے تمام اداروں کو مل کر کام کرنا ہوگا، حکومت عوام کی فلاح و بہبود کے لیے اقدامات کر رہی ہے اور ترقیاتی منصوبوں کو جلد مکمل کیا جائے گا۔ انہوں نے کہا کہ پاکستان امن کا خواہاں ہے اور خطے میں استحکام کے لیے اپنا کردار ادا کرتا رہے گا، اجلاس میں وفاقی وزراء اور اعلیٰ حکام نے شرکت کی۔ اسلام آباد (عال
بقیہ نمبر	40
اسلام آباد (عالیہ نیوز) وزیر اعظم نے کہا ہے کہ ملک کو درپیش معاشی مسائل کے حل کے لیے تمام اداروں کو مل کر کام کرنا ہوگا، حکومت عوام کی فلاح و بہبود کے لیے اقدامات کر رہی ہے اور ترقیاتی منصوبوں کو جلد مکمل کیا جائے گا۔ انہوں نے کہا کہ پاکستان امن کا خواہاں ہے اور خطے میں استحکام کے لیے اپنا کردار ادا کرتا رہے گا، اجلاس میں وفاقی وزراء اور اعلیٰ حکام نے شرکت کی۔ اسلام آباد (عال
بقیہ نمبر	41
اسلام آباد (عالیہ نیوز) وزیر اعظم نے کہا ہے کہ ملک کو درپیش معاشی مسائل کے حل کے لیے تمام اداروں کو مل کر کام کرنا ہوگا، حکومت عوام کی فلاح و بہبود کے لیے اقدامات کر رہی ہے اور ترقیاتی منصوبوں کو جلد مکمل کیا جائے گا۔ انہوں نے کہا کہ پاکستان امن کا خواہاں ہے اور خطے میں استحکام کے لیے اپنا کردار ادا کرتا رہے گا، اجلاس میں وفاقی وزراء اور اعلیٰ حکام نے شرکت کی۔ اسلام آباد (عالیہ نیوز) وزیر اعظم نے کہا ہے کہ ملک کو درپ
بقیہ نمبر	42
اسلام آباد (عالیہ نیوز) وزیر اعظم نے کہا ہے کہ ملک کو درپیش معاشی مسائل کے حل کے لیے تمام اداروں کو مل کر کام کرنا ہوگا، حکومت عوام کی فلاح و بہبود کے لیے اقدامات کر رہی ہے اور ترقیاتی منصوبوں کو جلد مکمل کیا جائے گا۔ انہوں نے کہا کہ پاکستان امن کا خوا
بقیہ نمبر	43
اسلام آباد (عالیہ نیوز) وزیر اعظم نے کہا ہے کہ ملک کو درپیش معاشی مسائل کے حل کے لیے تمام اداروں کو مل کر کام کرنا ہوگا، حکومت عوام کی فلاح و بہبود کے لیے اقدامات کر رہی ہے اور ترقیاتی منصوبوں کو جلد مکمل کیا جائے گا۔ انہوں نے کہا کہ پاکستان امن کا خواہاں ہے اور خطے میں استحکام کے لیے اپنا کردار ادا کرتا رہے گا، اجلاس میں وفاقی وزراء اور اعلیٰ حکام نے شرکت کی۔ اسلام آباد (عالیہ نیوز) وزیر اعظم نے کہا ہے کہ ملک کو درپیش معاشی مسائل کے حل کے لیے تمام اداروں کو مل کر کام کرنا ہوگا، حکومت عوام کی فلاح و بہبود کے لیے اقدامات کر رہی ہے اور ترقیاتی منصوبوں کو جلد مکمل کیا جائے گا۔ انہوں نے کہا کہ پاکستان امن کا خواہاں ہے اور خطے
بقیہ نمبر	44
اسلام آباد (عالیہ نیوز) وزیر اعظم نے کہا ہے کہ ملک کو درپیش معاشی مسائل کے حل کے لیے تمام اداروں کو مل کر کام کرنا ہوگا، حکومت عوام کی فلاح و بہبود کے لیے اقدامات کر رہی ہے اور ترقیاتی منصوبوں کو جلد مکمل کیا جائے گا۔ انہوں نے کہا کہ پاکستان امن کا خواہاں ہے اور خطے میں استحکام کے لیے اپنا کردار ادا کرتا رہے گا، اجلاس میں وفاقی وزراء اور اعلیٰ حکام نے شرکت کی۔ اسلام آباد (عالیہ نیوز) وزیر اعظم نے کہا ہے کہ ملک کو درپیش معاشی مسائل کے حل کے لیے تمام اداروں کو مل کر کام کرنا ہوگا، حکومت عوام کی فلاح و
بقیہ نمبر	45
اسلام آباد (عالیہ نیوز) وزیر اعظم نے کہا ہے کہ ملک کو درپیش معاشی مسائل کے حل کے لیے تمام اداروں کو مل کر کام کرنا ہوگا، حکومت عوام کی فلاح و بہبود کے لیے اقدامات کر رہی ہے اور ترقیاتی منصوبوں کو جلد مکمل کیا جائے گا۔ انہوں نے کہا کہ پاکستان امن کا خواہاں ہے اور خطے میں استحکام کے لیے اپنا کردار ادا کرتا رہے گا، اجلاس میں وفاقی وزراء اور اعلیٰ حکام نے شرکت کی۔ اسلام آباد (عالیہ نیوز) وزیر اعظم نے کہا ہے کہ ملک کو درپیش معاشی مسائل کے حل کے لیے تمام اداروں کو مل کر کام کرنا ہوگا، حکومت عوام کی فلاح و بہبود کے لیے اقدامات کر رہی ہے اور ترقیات
بقیہ نمبر	46
اسلام آباد (عالیہ نیوز) وزیر اعظم نے کہا ہے کہ ملک کو درپیش معاشی مسائل کے حل کے لیے تمام اداروں کو مل کر کام کرنا ہوگا، حکومت عوام کی فلاح و بہبود کے لیے اقدامات کر رہی ہے اور ترقیاتی منصوبوں کو جلد مکمل کیا جائے گا۔ انہوں نے کہا کہ پاکستان امن کا خوا
بقیہ نمبر	47
اسلام آباد (عالیہ نیوز) وزیر اعظم نے کہا ہے کہ ملک کو درپیش معاشی مسائل کے حل کے لیے تمام اداروں کو مل کر کام کرنا ہوگا، حکومت عوام کی فلاح و بہبود کے لیے اقدامات کر رہی ہے اور ترقیاتی منصوبوں کو جلد مکمل کیا جائے گا۔ انہوں نے کہا کہ پاکستان امن کا خواہاں ہے اور خطے میں استحکام کے لیے اپنا کردار ادا کرتا رہے گا، اجلاس میں وفاقی وزراء
بقیہ نمبر	48
اسلام آباد (عالیہ نیوز) وزیر اعظم نے کہا ہے کہ ملک کو درپیش معاشی مسائل کے حل کے لیے تمام اداروں کو مل کر کام کرنا ہوگا، حکومت عوام کی فلاح و بہبود کے لیے اقدامات کر رہی ہے اور ترقیاتی منصوبوں کو جلد مکمل کیا جائے گا۔ انہوں نے کہا کہ پاکستان امن کا خواہاں ہے اور خطے میں استحکام کے لیے اپنا کردار ادا کرتا رہے گا، اجلاس میں وفاقی وزراء اور اعلیٰ حکام نے شرکت کی۔ اسلام آباد (عالیہ نیوز) وزیر اعظم نے کہا ہے کہ ملک کو درپیش معاشی مسائل کے حل کے لیے تمام اداروں کو مل کر کام کرنا ہوگا، حکومت عوام کی فلاح و بہبود کے لیے اقدامات کر رہی ہے اور ترقیاتی منصوبوں کو جلد مکمل کیا جائے گا۔ انہوں نے کہا کہ پاکستان امن کا خواہاں ہے اور خطے میں استحکام کے لیے اپنا کردار ادا کرتا رہے گا، اجلاس میں وفاقی وزراء اور اعلیٰ حکام نے شرکت کی۔ اسلام آباد (عالیہ نیوز) وزیر اعظم نے کہا ہے کہ ملک کو درپیش معاشی مسائل کے حل کے لیے تمام اداروں کو مل کر کام کرنا ہوگا، حکومت عوام کی فلاح و بہبود کے لیے اقدامات کر رہی ہے اور ترقیاتی منصوبوں کو جلد مکمل کیا جائے گا۔ انہوں نے کہا کہ پاکستا
بقیہ نمبر	49
اسلام آباد (عالیہ نیوز) وزیر اعظم نے کہا ہے کہ ملک کو درپیش معاشی مسائل کے حل کے لیے تمام اداروں کو مل کر کام کرنا ہوگا، حکومت
بقیہ نمبر	50
اسلام آباد (عالیہ نیوز) وزیر اعظم نے کہا ہ
بقیہ نمبر	51
اسلام آباد (عالیہ نیوز) وزیر اعظم نے کہا ہے کہ ملک کو درپیش معاشی مسائل کے حل کے لیے تمام اداروں کو مل کر کام کرنا ہوگا، حکومت عوام کی فلاح و بہبود کے لیے اقدامات کر رہی ہے اور ترقیاتی منصوبوں کو جلد مکمل کیا جائے گا۔ انہوں نے کہا کہ پاکستان امن کا خواہاں ہے اور خطے میں استحکام کے لیے اپنا کردار ادا کرتا رہے گا، اجلاس میں وفاقی وزراء اور اعلیٰ حکام نے شرکت کی۔ اسلام آباد (عالیہ نیوز) وزیر اعظم نے کہا ہے کہ ملک کو درپ
بقیہ نمبر	52
اسلام آباد (عالیہ نیوز) وزیر اعظم نے کہا ہ
آج امت مسلمہ، ایران اور پاکستان کے عوام کیلئے سوگ کا دن ہے: حسن نقوی
اسلام آباد (عالیہ نیوز) وزیر اعظم نے کہا ہے کہ ملک کو درپیش معاشی مسائل کے حل کے لیے تمام اداروں کو مل کر کام کرنا ہوگا، حکومت عوام کی فلاح و بہبود کے لیے اقدامات کر رہی ہے اور ترقیاتی منصوبوں کو جلد مکمل کیا جائے گا۔ انہوں نے کہا کہ پاکستان امن کا خواہاں ہے اور خطے میں استحکام کے لیے اپنا کردار ادا کرتا رہے گا، اجلاس میں وفاقی وزراء اور اعلیٰ حکام نے شرکت کی۔ اسلام آباد (عالیہ نیوز) وزیر اعظم نے کہا ہے کہ ملک کو درپیش معاشی مسائل کے حل کے لیے تمام اداروں کو مل کر کام کرنا ہوگا، حکومت عوام کی فلاح و بہبود کے لیے اقدامات کر رہی ہے اور ترقیاتی منصوبوں کو جلد مکمل کیا جائے گا۔ انہوں نے کہا کہ پاکستان امن کا خواہاں ہے اور خطے میں استحکام کے لیے اپنا کردار ادا کرتا رہے
سرائیلی شادی امریکہ کی تفصیلات واضح کیے غیر جانبدارانہ تحقیقات کرے گی: رپورٹ
اسلام آباد (عالیہ نیوز) وزیر اعظم نے کہا ہے کہ ملک کو درپیش معاشی مسائل کے حل کے لیے تمام اداروں کو مل کر کام کرنا ہوگا، حکومت عوام کی فلاح و بہبود کے لیے اقدامات کر رہی ہے اور ترقیاتی منصوبوں کو جلد مکمل کیا جائے گا۔ انہوں نے کہا کہ پاکستان امن کا خواہاں ہے اور خطے میں استحکام کے لیے اپنا کردار ادا کرتا رہے گا، اجلاس میں وفاقی وزراء اور اعلیٰ حکام نے شرکت کی۔ اسلام آباد (عالیہ نیوز) وزیر اعظم نے کہا ہے کہ ملک کو درپیش معاشی مسائل کے حل کے لیے تمام اداروں کو مل کر کام کرنا ہوگا، حکومت عوام کی فلاح و بہبود کے لیے اقدامات کر رہی ہے اور ترقیاتی منصوبوں کو جلد مکمل کیا جائے گا۔ انہوں نے کہا کہ پاکستان امن کا خواہاں ہے اور خطے میں استحکام کے لیے اپنا کردار ادا کرتا رہے گا، اجلاس میں وفاقی وزراء اور اعلیٰ حکام نے شرکت کی۔ اسلام آباد (عالیہ نیوز) وزیر اعظم نے کہا ہے کہ ملک کو درپیش معاشی مسائل کے حل کے لیے تمام اداروں کو مل کر کام کرنا ہوگا، حکومت عوام کی فلاح و بہبود کے لیے اقدامات کر رہی ہے اور ترقیاتی منصوبوں کو جلد مکمل کیا جائے گا۔ انہوں نے کہا کہ پاکستان امن کا خواہاں ہے اور خطے میں استحکام کے لیے اپنا کردار ادا کرتا رہے گا، اجلاس میں
وزیر اعلیٰ کے سات ٹیسٹوں میں صدر مملکت آصف علی زرداری کی ہدایات
اسلام آباد (عالیہ نیوز) وزیر اعظم نے کہا ہے کہ ملک کو درپیش معاشی مسائل کے حل کے لیے تمام اداروں کو مل کر کام کرنا ہوگا، حکومت عوام کی فلاح و بہبود کے لیے اقدامات کر رہی ہے اور ترقیاتی منصوبوں کو جلد مکمل کیا جائے گا۔ انہوں نے کہا کہ پاکستان امن کا خوا
اجلاس آج سہ پہر اٹھارہ جماعتوں کے دونوں ایوانوں کا مشترکہ طلب
اسلام آباد (عالیہ نیوز) وزیر اعظم نے کہا ہے کہ ملک کو درپیش معاشی مسائل کے حل کے لیے تمام اداروں کو مل کر کام کرنا ہوگا، حکومت
آغا کشمیر پاکستان کا متفقہ ایجنڈا: سیکرٹری اطلاعات
اسلام آباد (عالیہ نیوز) وزیر اعظم نے کہا ہے کہ ملک کو درپیش معاشی مسائل کے حل کے لیے تمام اداروں کو مل کر کام کرنا ہوگا، حکومت عوام کی فلاح و بہبود کے لیے اقدامات کر رہی ہے اور ترقیاتی منصوبوں کو جلد مکمل کیا جائے گا۔ انہوں نے کہا کہ پاکستان امن کا خواہاں ہے اور خطے میں استحکام کے لیے اپنا کردار ادا کرتا رہے گا، اجلاس میں وفاقی وزراء اور اعلیٰ حکام نے شرکت کی۔ اسلام آباد (عالیہ نیوز) وزیر اعظم نے کہا ہے کہ ملک کو درپیش معاشی مسائل کے حل کے لیے تمام اداروں کو مل کر کام کرنا ہوگا، حکومت عوام کی فلاح و بہبود کے لیے اقدامات کر رہی ہے اور ترقیاتی منصوبوں کو جلد مکمل کیا جائے گا۔ انہوں ن
ایران اور اسرائیل کی جنگ مثبت نتائج پیدا: قاتل: امریکی پوسٹ
اسلام آباد (عالیہ نیوز) وزیر اعظم نے کہا ہے کہ ملک کو درپیش معاشی مسائل کے حل کے لیے تمام اداروں کو مل کر کام کرنا ہوگا، حکومت عوام کی فلاح و بہبود کے لیے اقدامات کر رہی ہے اور ترقیاتی منصوبوں کو جلد مکمل کیا جائے گا۔ انہوں نے کہا کہ پاکستان امن کا خواہاں ہے اور خطے میں استحکام کے لیے اپنا کردار ادا کرتا رہے گا، اجلاس میں وفاقی وزراء اور اعلیٰ حکام نے شرکت کی۔ اسلام آباد (عالیہ نیوز) وزیر اعظم نے کہا ہے کہ ملک کو درپیش معاشی مسائل کے حل کے لیے تمام اداروں کو مل کر کام کرنا ہوگا، حکومت عوام کی فلاح و
اسلام آباد (عالیہ نیوز) وزیر اعظم نے کہا ہے کہ ملک کو درپیش معاشی مسائل کے حل کے لیے تمام اداروں کو مل کر کام کرنا ہوگا، حکومت عوام کی فلاح و بہبود کے لیے اقدامات کر رہی ہے اور ترقیاتی منصوبوں کو جلد مکمل کیا جائے گا۔ انہوں نے کہا کہ پاکستان امن کا خواہاں ہے اور خطے میں استحکام کے لیے اپنا کردار ادا کرتا رہے گا، اجلاس میں وفاقی وزراء اور اعلیٰ حکام نے شرکت کی۔ اسلام آباد (عالیہ نیوز) وزیر اعظم نے کہا ہے کہ ملک کو درپیش معاشی مسائل کے حل کے لیے تمام اداروں کو مل کر کام کرنا ہوگا، حکومت عوام کی فلاح و بہبود کے لیے اقدامات کر رہی ہے اور ترقیاتی منصوبوں کو جلد مکمل کیا جائے گا۔ انہوں نے کہا کہ پاکستان امن کا خواہاں ہے اور خطے میں استحکام کے لیے اپنا کردار ادا کرتا رہے گا، اجلاس میں وفاقی وزراء اور اعلیٰ حکام نے شرکت کی۔ اسلام آباد (عالیہ نیوز) وزیر اعظم نے کہا ہے کہ ملک کو درپیش معاشی مسائل کے حل کے لیے تمام اداروں کو مل کر کام کرنا ہوگا، حکومت عوام کی فلاح و بہبود کے لیے اقدامات کر رہی ہے اور ترقیاتی منصوبوں کو جلد مکمل کیا جائے گا۔ انہوں نے کہا کہ پاکستان امن کا خواہاں ہے اور خطے میں استحکام کے لیے اپنا کردار ادا کرتا رہے گا، اجلاس میں وفاقی وزراء اور اعلیٰ حکام نے شرکت کی۔ اسلام آباد (عالیہ نیوز) وزیر اعظم نے کہا ہے ک
حکومت پنجاب اور حضرت داتا گنج بخش کی ترقی و تحفظ کیلئے پرعزم
اسلام آباد (عالیہ نیوز) وزیر اعظم نے کہا ہے کہ ملک کو درپیش معاشی مسائل کے حل کے لیے تمام اداروں کو مل کر کام کرنا ہوگا، حکومت عوام کی فلاح و بہبود کے لیے اقدامات کر رہی ہے اور ترقیاتی منصوبوں کو جلد مکمل کیا جائے گا۔ انہوں نے کہا کہ پاکستان امن کا خواہاں ہے اور خطے میں استحکام کے لیے اپنا کردار ادا کرتا رہے گا، اجلاس میں وفاقی وزراء اور اعلیٰ حکام نے شرکت کی۔ اسلام آباد (عالیہ نیوز) وزیر اعظم نے کہا ہے کہ ملک کو درپیش معاشی مسائل کے حل کے لیے تمام اداروں کو مل کر کام کرنا ہوگا، حکومت عوام کی فلاح و بہبود کے لیے اقدامات کر رہی ہے اور ترقیاتی منصوبوں کو جلد مکمل کیا جائے گا۔ انہوں نے کہا کہ پاکستان امن کا خواہاں ہے اور خطے میں استحکام کے لیے اپنا کردار ادا کرتا رہے گا، اجلاس میں وفاقی وزراء اور اعلیٰ حکام نے شرکت کی۔ اسلام آباد (عالیہ نیوز) وزیر اعظم نے کہا ہے کہ ملک کو درپیش معاشی مسائل کے حل کے لیے تمام اداروں کو مل کر کام کرنا ہوگا، حکومت عوام کی فلاح و بہبود کے لیے اقدامات کر رہی ہے اور ترقیاتی منصوبوں کو جلد مکمل کیا جائے گا۔ انہوں نے کہا کہ پاکستان امن کا خواہاں ہے اور خطے میں استحکام کے لیے اپنا کردار ادا کرتا رہے گا، اجلاس میں وفاقی وزراء اور اعلیٰ حکام نے شرکت کی۔ اسلام آباد (عالیہ نیوز) وزیر اعظم نے کہا ہے کہ ملک کو درپیش معاشی مسائل کے حل کے لیے تمام اداروں کو مل کر کام کرنا ہوگا، حکومت عوام کی فلاح و بہبود کے لیے اقدامات کر رہی ہے اور ترقیاتی منصوبوں کو جلد مکمل کیا جائے گا۔ انہوں نے کہا کہ پاکستان امن کا خواہاں ہے اور خطے میں استحکام کے لیے اپنا کردار ادا کرتا رہے گا، اجلاس میں وفاقی وزراء اور اعلیٰ حکام نے شرکت کی۔ اسلام آباد (عالیہ نیوز) وزیر اعظم نے کہا ہے کہ ملک کو درپیش معاشی مسائل کے حل کے لیے تمام اداروں کو مل کر کام کرنا ہوگا، حکومت عوام کی فلاح و بہبود کے لیے اقدامات کر رہی ہے اور ترقیاتی منصوبوں کو جلد مکمل کیا جائے گا۔ انہوں نے کہا کہ پاکستان امن کا خواہاں ہے اور خطے میں استحکام کے لیے اپنا کردار ادا کرتا رہے گا، اجلاس میں وفاقی وزراء اور اعلیٰ حکام نے شرکت کی۔ اسلام آباد (عالیہ نیوز) وزیر اعظم نے کہا ہے کہ ملک کو درپیش معاشی مسائل کے حل کے لیے تمام اداروں کو مل کر کام کرنا ہوگا، حکومت عوام کی فلاح و بہبود کے لیے اقدامات کر رہی ہے اور ترقیاتی منصوبوں کو جلد مکمل کیا جائے گا۔ انہوں نے کہا کہ پاکستان امن کا خواہاں ہے اور خطے میں استحکام کے لیے اپنا کردار ادا کرتا رہے گا، اجلاس میں وفاقی وزراء اور اعلیٰ حکام نے شرکت کی۔ اسلام آباد (عالیہ نیوز) وزیر اعظم نے کہا ہے کہ ملک کو درپیش معاشی مسائل کے حل کے لیے تمام
ایران پر حملہ پورے خطے کے امن اور استحکام پر حملہ ہے: میر علی حسن زہری
اسلام آباد (عالیہ نیوز) وزیر اعظم نے کہا ہے کہ ملک کو درپیش معاشی مسائل کے حل کے لیے تمام اداروں کو مل کر کام کرنا ہوگا، حکومت عوام کی فلاح و بہبود کے لیے اقدامات کر رہی ہے اور ترقیاتی منصوبوں کو جلد مکمل کیا جائے گا۔ انہوں نے کہا کہ پاکستان امن کا خواہاں ہے اور خطے میں استحکام کے لیے اپنا کردار ادا کرتا رہے گا، اجلاس میں وفاقی وزراء اور اعلیٰ حکام نے شرکت کی۔ اسلام آباد (عالیہ نیوز) وزیر اعظم نے کہا ہے کہ ملک کو درپیش معاشی مسائل کے حل کے لیے تمام اداروں کو مل کر کام کرنا ہوگا، حکومت عوام کی فلاح و بہبود کے لیے اقدامات کر رہی ہے اور ترقیاتی منصوبوں کو جلد مکمل کیا جائے گا۔ انہوں نے کہا کہ پاکستان امن کا خواہاں ہے اور خطے میں استحکام کے لیے اپنا کردار ادا کرتا رہے گا، اجلاس میں وفاقی وزراء اور اعلیٰ حکام نے شرکت کی۔ اسلام آباد (عالیہ نیوز) وزیر اعظم نے کہا ہے کہ ملک کو درپیش معاشی مسائل کے حل کے لیے تمام اداروں کو مل کر کام کرنا ہوگا، حکومت عوام کی فلاح و بہبود کے لیے اقدامات کر رہی ہے اور ترقیاتی منصوبوں کو جلد مکمل کیا جائے گا۔ انہوں نے کہا کہ پاکستان امن کا خواہاں ہے اور خطے میں استحکام کے لیے اپنا کردار ادا کرتا رہے گا، اجلاس میں وفاقی وزراء اور اعلیٰ حکام نے شرکت کی۔ اسلام آباد (عالیہ نیوز) وزیر اعظم نے کہا ہے کہ ملک کو درپیش معاشی مسائل کے حل کے لیے تمام اداروں کو مل کر کام کرنا ہوگا، حکومت عوام کی فلاح و بہبود کے لیے اقدامات کر رہی ہے اور ترقیاتی منصوبوں کو جلد مکمل کیا جائے گا۔ انہوں نے کہا کہ پاکستان امن کا خواہاں ہے اور خطے میں استحکام کے لیے اپنا کردار ادا کرتا رہے گا، اجلاس میں وفاقی وزراء اور اعلیٰ حکام نے شرکت کی۔ اسلام آباد (عالیہ نیوز) وزیر اعظم نے کہا ہے کہ ملک کو درپیش معاشی مسائل کے حل کے لیے تمام اداروں کو مل کر کام کرنا ہوگا، حکومت عوام کی فلاح و بہبود کے لیے اقدامات کر رہی ہے اور ترقیاتی منصوبوں کو جلد مکمل کیا جائے گا۔ انہوں نے ک
وزیر اعلیٰ مریم نواز شریف کا مفکر شاعر کے ملاپ پر پیغام
اسلام آباد (عالیہ نیوز) وزیر اعظم نے کہا ہے کہ ملک کو درپیش معاشی مسائل کے حل کے لیے تمام اداروں کو مل کر کام کرنا ہوگا، حکومت عوام کی فلاح و بہبود کے لیے اقدامات کر رہی ہے اور ترقیاتی منصوبوں کو جلد مکمل کیا جائے گا۔ انہوں نے کہا کہ پاکستان امن کا خواہاں ہے اور خطے میں استحکام کے لیے اپنا کردار ادا کرتا رہے گا، اجلاس میں وفاقی وزراء اور اعلیٰ حکام نے شرکت کی۔ اسلام آباد (عالیہ نیوز) وزیر اعظم نے کہا ہے کہ ملک کو درپیش معاشی مسائل کے حل کے لیے تمام اداروں کو مل کر کام کرنا ہوگا، حکومت عوام کی فلاح و بہبود کے لیے اقدامات کر رہی ہے اور ترقیاتی منصوبوں کو جلد مکمل کیا جائے گا۔ انہوں نے کہا کہ پاکستان امن کا خواہاں ہے اور خطے میں استحکام کے لیے اپنا کردار ادا کرتا رہے
